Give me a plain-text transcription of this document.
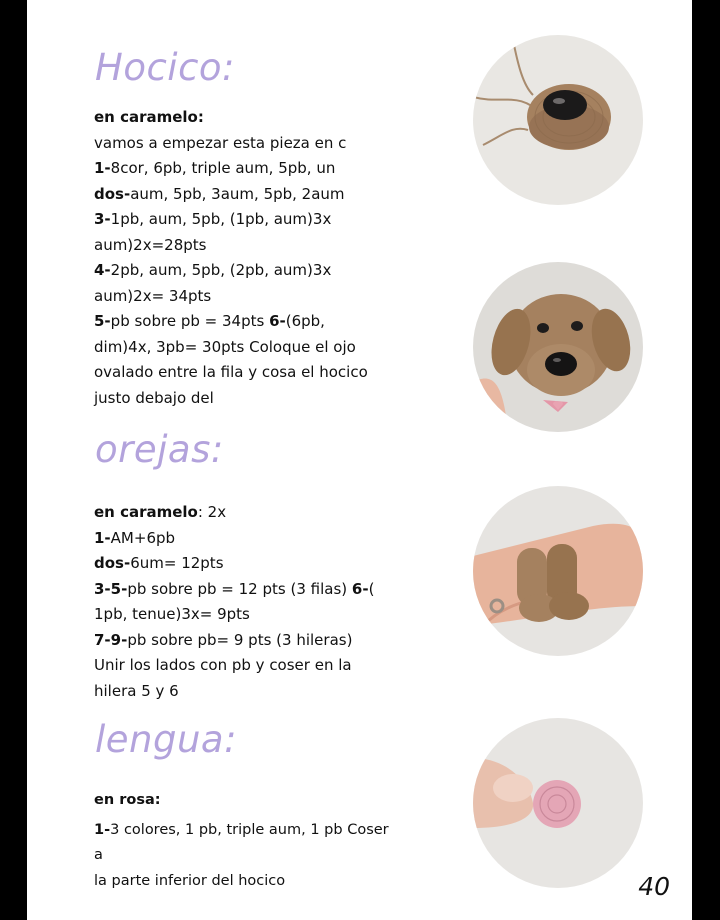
Hocico:

en caramelo:

vamos a empezar esta pieza en c

1-8cor, 6pb, triple aum, 5pb, un

dos-aum, 5pb, 3aum, 5pb, 2aum

3-1pb, aum, 5pb, (1pb, aum)3x

aum)2x=28pts

4-2pb, aum, 5pb, (2pb, aum)3x

aum)2x= 34pts

5-pb sobre pb = 34pts 6-(6pb,

dim)4x, 3pb= 30pts Coloque el ojo

ovalado entre la fila y cosa el hocico

justo debajo del

orejas:

en caramelo: 2x

1-AM+6pb

dos-6um= 12pts

3-5-pb sobre pb = 12 pts (3 filas) 6-(

1pb, tenue)3x= 9pts

7-9-pb sobre pb= 9 pts (3 hileras)

Unir los lados con pb y coser en la

hilera 5 y 6

lengua:
en rosa:

1-3 colores, 1 pb, triple aum, 1 pb Coser a

la parte inferior del hocico	40
